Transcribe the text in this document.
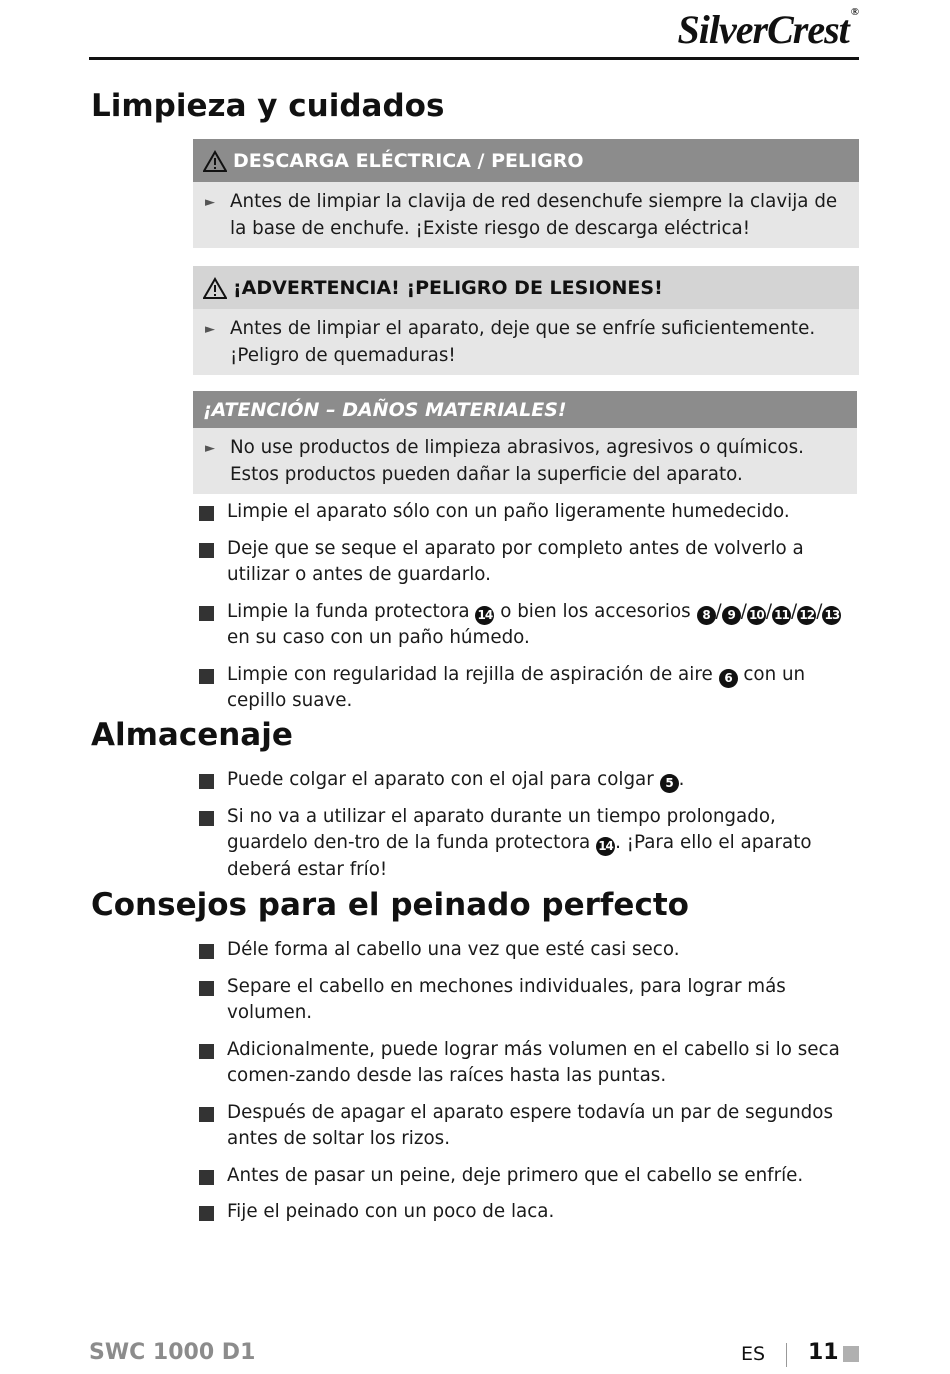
SilverCrest ®
Limpieza y cuidados
DESCARGA ELÉCTRICA / PELIGRO
► Antes de limpiar la clavija de red desenchufe siempre la clavija de la base de enchufe. ¡Existe riesgo de descarga eléctrica!
¡ADVERTENCIA! ¡PELIGRO DE LESIONES!
► Antes de limpiar el aparato, deje que se enfríe suficientemente. ¡Peligro de quemaduras!
¡ATENCIÓN – DAÑOS MATERIALES!
► No use productos de limpieza abrasivos, agresivos o químicos. Estos productos pueden dañar la superficie del aparato.
Limpie el aparato sólo con un paño ligeramente humedecido.
Deje que se seque el aparato por completo antes de volverlo a utilizar o antes de guardarlo.
Limpie la funda protectora 14 o bien los accesorios 8 / 9 / 10 / 11 / 12 / 13 en su caso con un paño húmedo.
Limpie con regularidad la rejilla de aspiración de aire 6 con un cepillo suave.
Almacenaje
Puede colgar el aparato con el ojal para colgar 5 .
Si no va a utilizar el aparato durante un tiempo prolongado, guardelo den-tro de la funda protectora 14 . ¡Para ello el aparato deberá estar frío!
Consejos para el peinado perfecto
Déle forma al cabello una vez que esté casi seco.
Separe el cabello en mechones individuales, para lograr más volumen.
Adicionalmente, puede lograr más volumen en el cabello si lo seca comen-zando desde las raíces hasta las puntas.
Después de apagar el aparato espere todavía un par de segundos antes de soltar los rizos.
Antes de pasar un peine, deje primero que el cabello se enfríe.
Fije el peinado con un poco de laca.
SWC 1000 D1	ES 11
